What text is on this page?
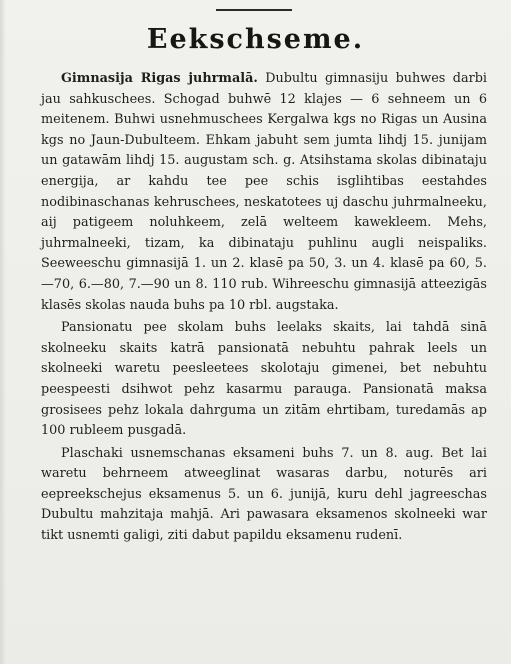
Eekschseme.

Gimnasija Rigas juhrmalā. Dubultu gimnasiju buhwes darbi jau sahkuschees. Schogad buhwē 12 klajes — 6 sehneem un 6 meitenem. Buhwi usnehmuschees Kergalwa kgs no Rigas un Ausina kgs no Jaun-Dubulteem. Ehkam jabuht sem jumta lihdj 15. junijam un gatawām lihdj 15. augustam sch. g. Atsihstama skolas dibinataju energija, ar kahdu tee pee schis isglihtibas eestahdes nodibinaschanas kehruschees, neskatotees uj daschu juhrmalneeku, aij patigeem noluhkeem, zelā welteem kawekleem. Mehs, juhrmalneeki, tizam, ka dibinataju puhlinu augli neispaliks. Seeweeschu gimnasijā 1. un 2. klasē pa 50, 3. un 4. klasē pa 60, 5.—70, 6.—80, 7.—90 un 8. 110 rub. Wihreeschu gimnasijā atteezigās klasēs skolas nauda buhs pa 10 rbl. augstaka.

Pansionatu pee skolam buhs leelaks skaits, lai tahdā sinā skolneeku skaits katrā pansionatā nebuhtu pahrak leels un skolneeki waretu peesleetees skolotaju gimenei, bet nebuhtu peespeesti dsihwot pehz kasarmu parauga. Pansionatā maksa grosisees pehz lokala dahrguma un zitām ehrtibam, turedamās ap 100 rubleem pusgadā.

Plaschaki usnemschanas eksameni buhs 7. un 8. aug. Bet lai waretu behrneem atweeglinat wasaras darbu, noturēs ari eepreekschejus eksamenus 5. un 6. junijā, kuru dehl jagreeschas Dubultu mahzitaja mahjā. Ari pawasara eksamenos skolneeki war tikt usnemti galigi, ziti dabut papildu eksamenu rudenī.
